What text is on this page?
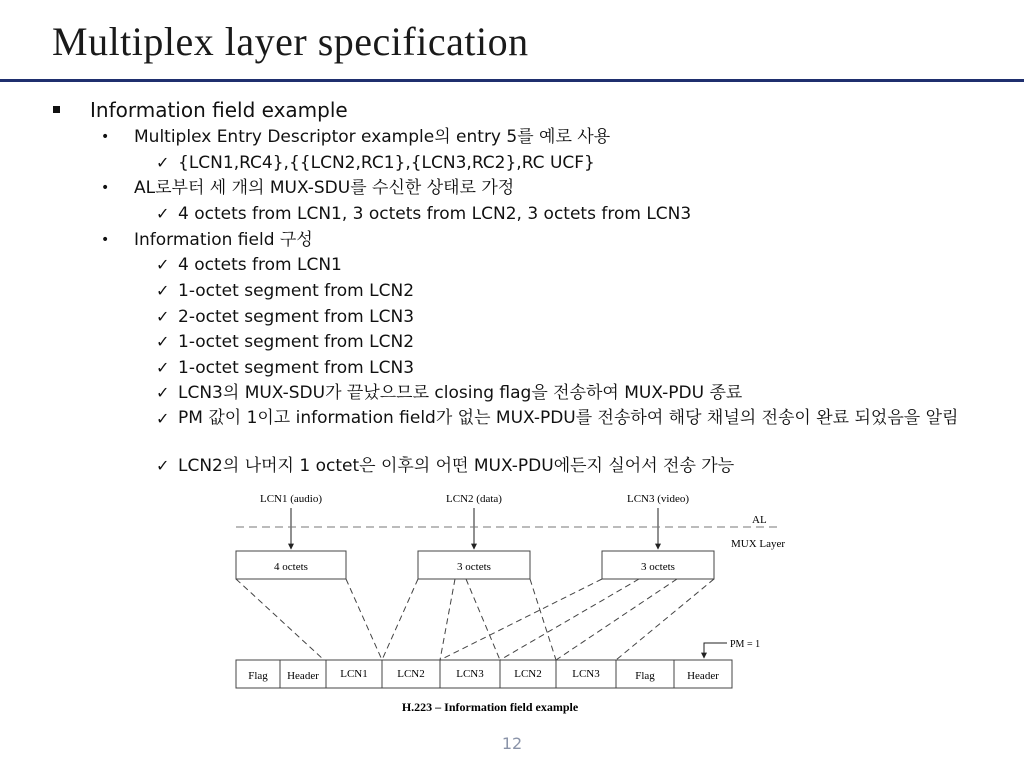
Multiplex layer specification
Information field example
• Multiplex Entry Descriptor example의 entry 5를 예로 사용
✓ {LCN1,RC4},{{LCN2,RC1},{LCN3,RC2},RC UCF}
• AL로부터 세 개의 MUX-SDU를 수신한 상태로 가정
✓ 4 octets from LCN1, 3 octets from LCN2, 3 octets from LCN3
• Information field 구성
✓ 4 octets from LCN1
✓ 1-octet segment from LCN2
✓ 2-octet segment from LCN3
✓ 1-octet segment from LCN2
✓ 1-octet segment from LCN3
✓ LCN3의 MUX-SDU가 끝났으므로 closing flag을 전송하여 MUX-PDU 종료
✓ PM 값이 1이고 information field가 없는 MUX-PDU를 전송하여 해당 채널의 전송이 완료 되었음을 알림
✓ LCN2의 나머지 1 octet은 이후의 어떤 MUX-PDU에든지 실어서 전송 가능
LCN1 (audio)	LCN2 (data)	LCN3 (video)
AL
MUX Layer
4 octets	3 octets	3 octets
PM = 1
Flag Header LCN1	LCN2	LCN3	LCN2	LCN3	Flag	Header
H.223 – Information field example
12
